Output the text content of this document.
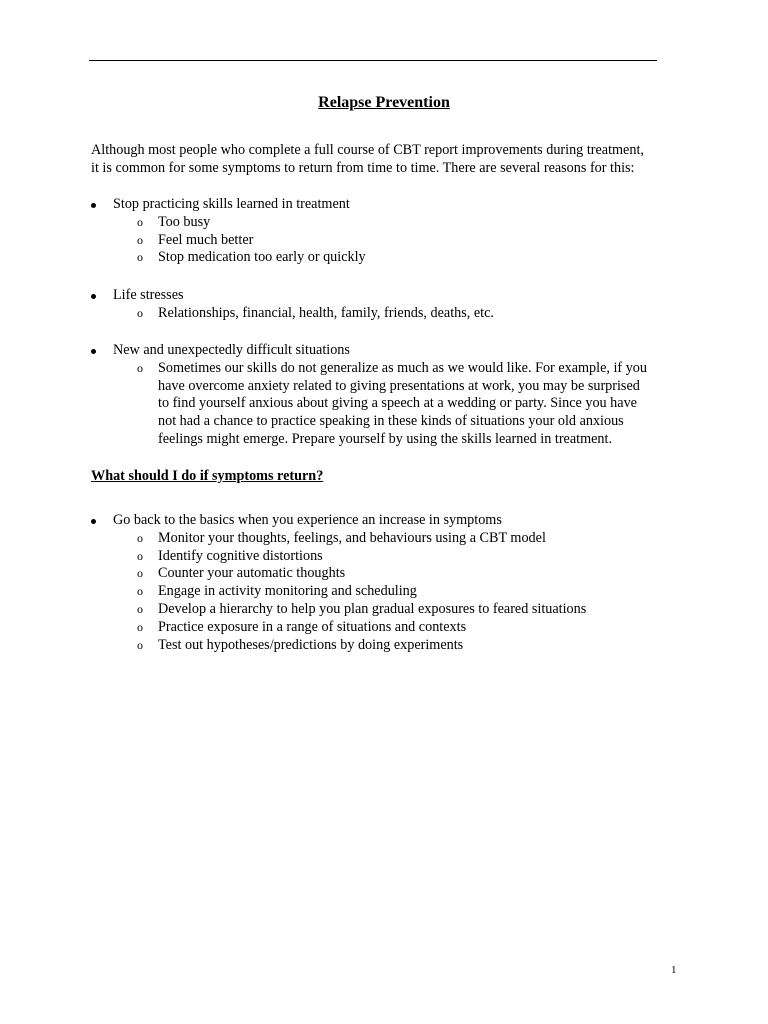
Relapse Prevention
Although most people who complete a full course of CBT report improvements during treatment,
it is common for some symptoms to return from time to time. There are several reasons for this:
Stop practicing skills learned in treatment
o Too busy
o Feel much better
o Stop medication too early or quickly
Life stresses
o Relationships, financial, health, family, friends, deaths, etc.
New and unexpectedly difficult situations
o Sometimes our skills do not generalize as much as we would like. For example, if you
have overcome anxiety related to giving presentations at work, you may be surprised
to find yourself anxious about giving a speech at a wedding or party. Since you have
not had a chance to practice speaking in these kinds of situations your old anxious
feelings might emerge. Prepare yourself by using the skills learned in treatment.
What should I do if symptoms return?
Go back to the basics when you experience an increase in symptoms
o Monitor your thoughts, feelings, and behaviours using a CBT model
o Identify cognitive distortions
o Counter your automatic thoughts
o Engage in activity monitoring and scheduling
o Develop a hierarchy to help you plan gradual exposures to feared situations
o Practice exposure in a range of situations and contexts
o Test out hypotheses/predictions by doing experiments
1
